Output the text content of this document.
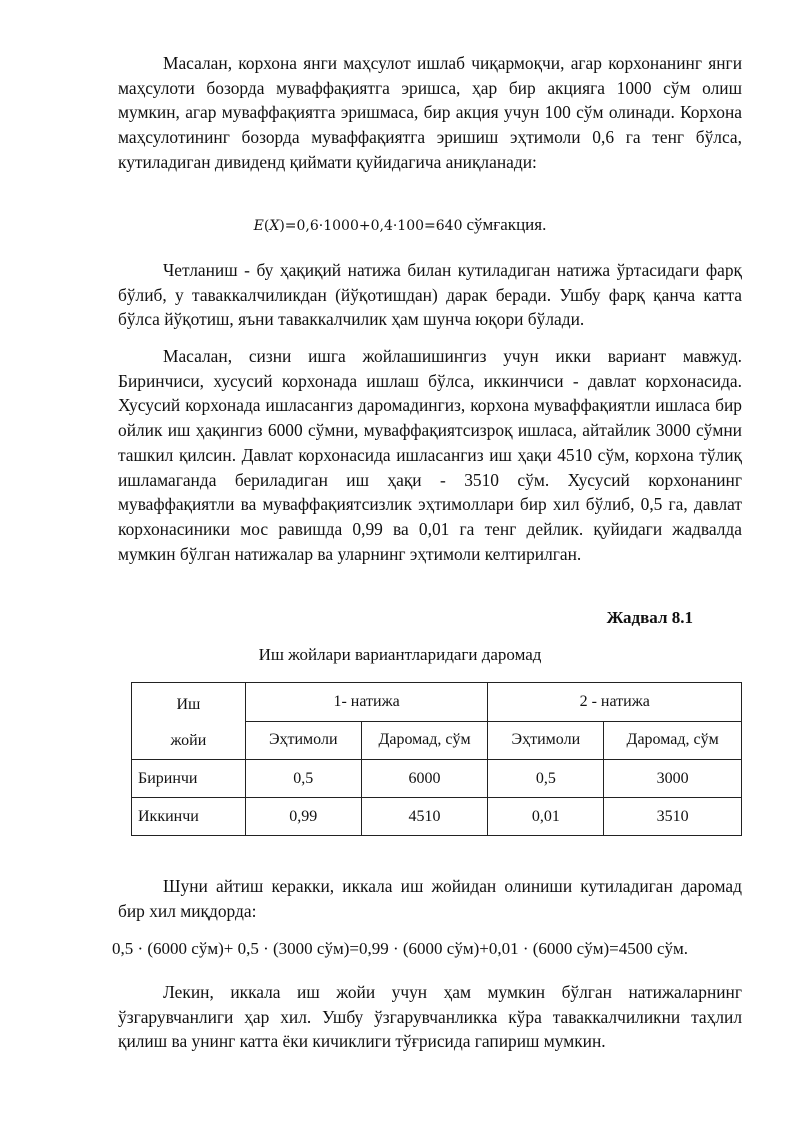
Масалан, корхона янги маҳсулот ишлаб чиқармоқчи, агар корхонанинг янги маҳсулоти бозорда муваффақиятга эришса, ҳар бир акцияга 1000 сўм олиш мумкин, агар муваффақиятга эришмаса, бир акция учун 100 сўм олинади. Корхона маҳсулотининг бозорда муваффақиятга эришиш эҳтимоли 0,6 га тенг бўлса, кутиладиган дивиденд қиймати қуйидагича аниқланади:

E(X)=0,6·1000+0,4·100=640 сўмғакция.

Четланиш - бу ҳақиқий натижа билан кутиладиган натижа ўртасидаги фарқ бўлиб, у таваккалчиликдан (йўқотишдан) дарак беради. Ушбу фарқ қанча катта бўлса йўқотиш, яъни таваккалчилик ҳам шунча юқори бўлади.

Масалан, сизни ишга жойлашишингиз учун икки вариант мавжуд. Биринчиси, хусусий корхонада ишлаш бўлса, иккинчиси - давлат корхонасида. Хусусий корхонада ишласангиз даромадингиз, корхона муваффақиятли ишласа бир ойлик иш ҳақингиз 6000 сўмни, муваффақиятсизроқ ишласа, айтайлик 3000 сўмни ташкил қилсин. Давлат корхонасида ишласангиз иш ҳақи 4510 сўм, корхона тўлиқ ишламаганда бериладиган иш ҳақи - 3510 сўм. Хусусий корхонанинг муваффақиятли ва муваффақиятсизлик эҳтимоллари бир хил бўлиб, 0,5 га, давлат корхонасиники мос равишда 0,99 ва 0,01 га тенг дейлик. қуйидаги жадвалда мумкин бўлган натижалар ва уларнинг эҳтимоли келтирилган.

Жадвал 8.1
Иш жойлари вариантларидаги даромад
Иш
жойи	1- натижа		2 - натижа	
	Эҳтимоли	Даромад, сўм	Эҳтимоли	Даромад, сўм
Биринчи	0,5	6000	0,5	3000
Иккинчи	0,99	4510	0,01	3510

Шуни айтиш керакки, иккала иш жойидан олиниши кутиладиган даромад бир хил миқдорда:

0,5 · (6000 сўм)+ 0,5 · (3000 сўм)=0,99 · (6000 сўм)+0,01 · (6000 сўм)=4500 сўм.

Лекин, иккала иш жойи учун ҳам мумкин бўлган натижаларнинг ўзгарувчанлиги ҳар хил. Ушбу ўзгарувчанликка кўра таваккалчиликни таҳлил қилиш ва унинг катта ёки кичиклиги тўғрисида гапириш мумкин.
